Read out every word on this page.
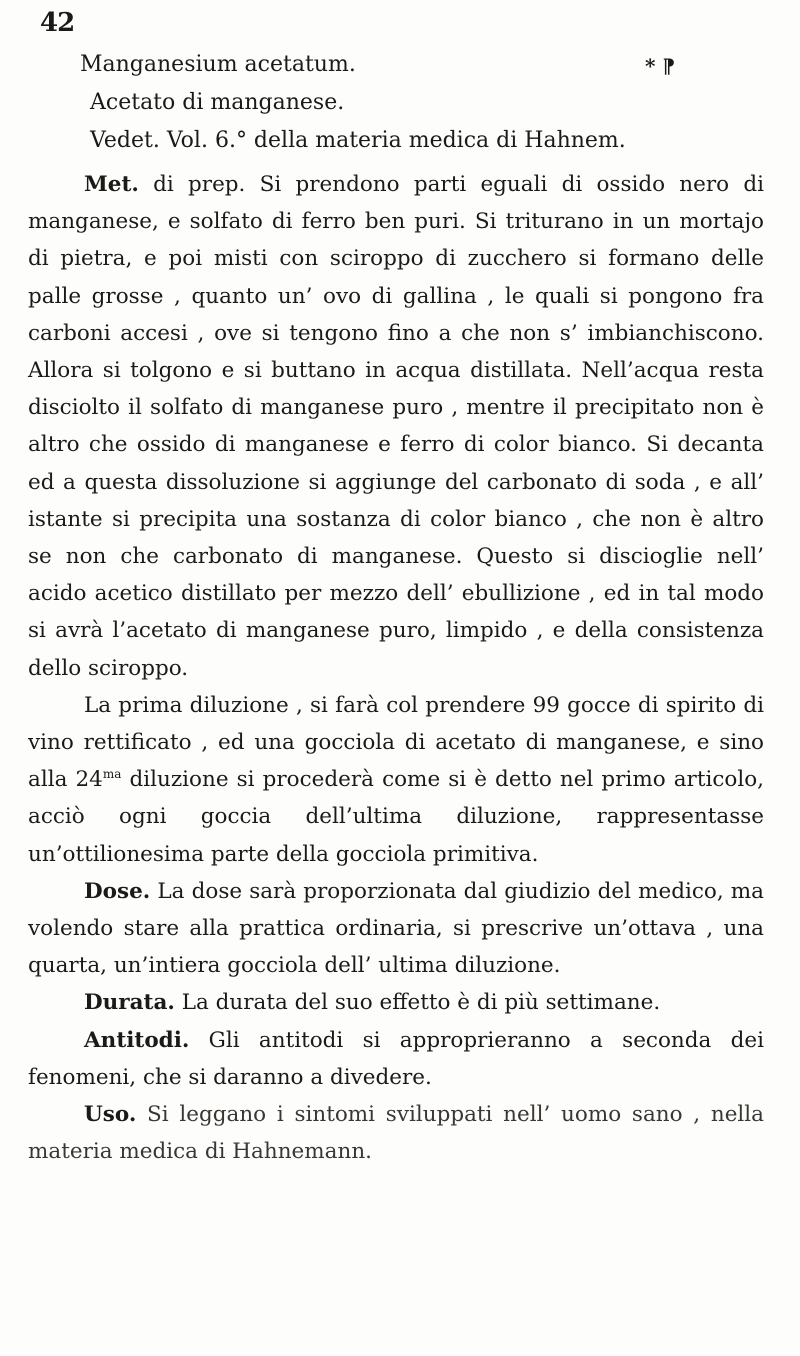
42
* ⁋
Manganesium acetatum.
Acetato di manganese.
Vedet. Vol. 6.° della materia medica di Hahnem.

Met. di prep. Si prendono parti eguali di ossido nero di manganese, e solfato di ferro ben puri. Si triturano in un mortajo di pietra, e poi misti con sciroppo di zucchero si formano delle palle grosse , quanto un’ ovo di gallina , le quali si pongono fra carboni accesi , ove si tengono fino a che non s’ imbianchiscono. Allora si tolgono e si buttano in acqua distillata. Nell’acqua resta disciolto il solfato di manganese puro , mentre il precipitato non è altro che ossido di manganese e ferro di color bianco. Si decanta ed a questa dissoluzione si aggiunge del carbonato di soda , e all’ istante si precipita una sostanza di color bianco , che non è altro se non che carbonato di manganese. Questo si discioglie nell’ acido acetico distillato per mezzo dell’ ebullizione , ed in tal modo si avrà l’acetato di manganese puro, limpido , e della consistenza dello sciroppo.

La prima diluzione , si farà col prendere 99 gocce di spirito di vino rettificato , ed una gocciola di acetato di manganese, e sino alla $24^{ma}$ diluzione si procederà come si è detto nel primo articolo, acciò ogni goccia dell’ultima diluzione, rappresentasse un’ottilionesima parte della gocciola primitiva.

Dose. La dose sarà proporzionata dal giudizio del medico, ma volendo stare alla prattica ordinaria, si prescrive un’ottava , una quarta, un’intiera gocciola dell’ ultima diluzione.

Durata. La durata del suo effetto è di più settimane.

Antitodi. Gli antitodi si approprieranno a seconda dei fenomeni, che si daranno a divedere.

Uso. Si leggano i sintomi sviluppati nell’ uomo sano , nella materia medica di Hahnemann.
